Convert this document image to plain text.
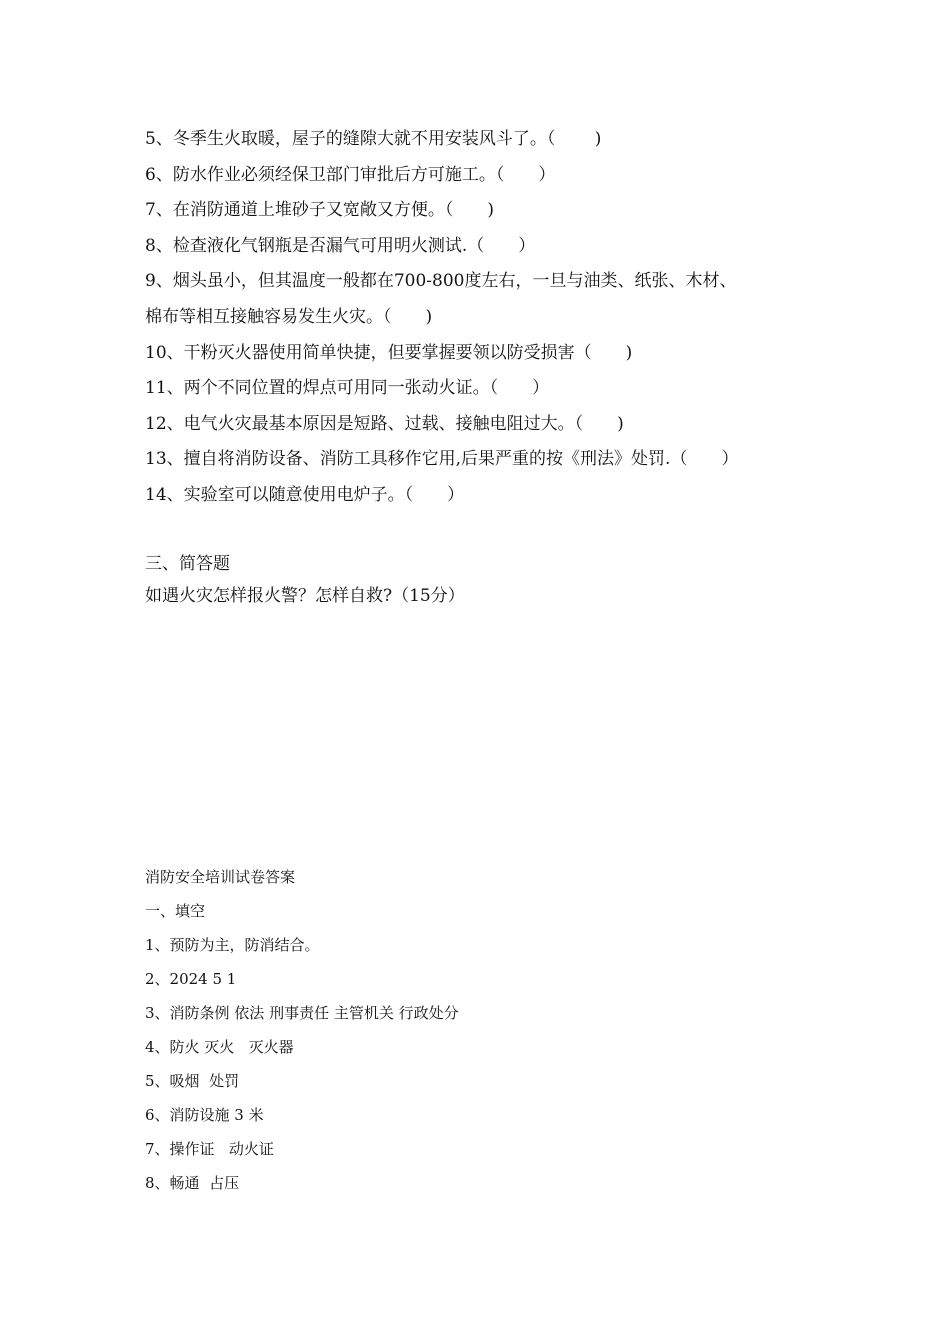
5、冬季生火取暖，屋子的缝隙大就不用安装风斗了。（　　 )
6、防水作业必须经保卫部门审批后方可施工。（　　）
7、在消防通道上堆砂子又宽敞又方便。（　　)
8、检查液化气钢瓶是否漏气可用明火测试.（　　）
9、烟头虽小，但其温度一般都在700-800度左右，一旦与油类、纸张、木材、
棉布等相互接触容易发生火灾。（　　)
10、干粉灭火器使用简单快捷，但要掌握要领以防受损害（　　)
11、两个不同位置的焊点可用同一张动火证。（　　）
12、电气火灾最基本原因是短路、过载、接触电阻过大。（　　)
13、擅自将消防设备、消防工具移作它用,后果严重的按《刑法》处罚.（　　）
14、实验室可以随意使用电炉子。（　　）
三、简答题
如遇火灾怎样报火警？怎样自救?（15分）
消防安全培训试卷答案
一、填空
1、预防为主，防消结合。
2、2024 5 1
3、消防条例 依法 刑事责任 主管机关 行政处分
4、防火 灭火   灭火器
5、吸烟  处罚
6、消防设施 3 米
7、操作证   动火证
8、畅通  占压
